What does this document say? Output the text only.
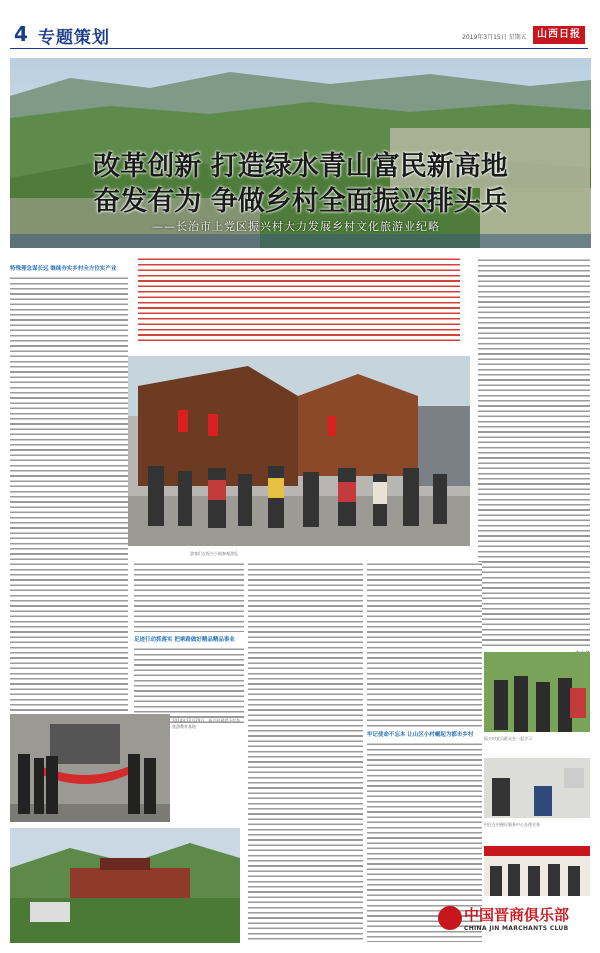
4 专题策划	2019年3月15日 星期五	山西日报
改革创新 打造绿水青山富民新高地
奋发有为 争做乡村全面振兴排头兵
——长治市上党区振兴村大力发展乡村文化旅游业纪略
特殊理念谋长远 继续夯实乡村全方位实产业
游客们在振兴小镇参观游览
足迹行动抓落实 把乘路做好精品精品事业
牢记使命不忘本 让山区小村崛起为都市乡村
2014年12月29日，振兴村被授予红色旅游教育基地
振兴村党员群众在一起学习
村民在村便民服务中心办理业务
中国晋商俱乐部
CHINA JIN MARCHANTS CLUB
